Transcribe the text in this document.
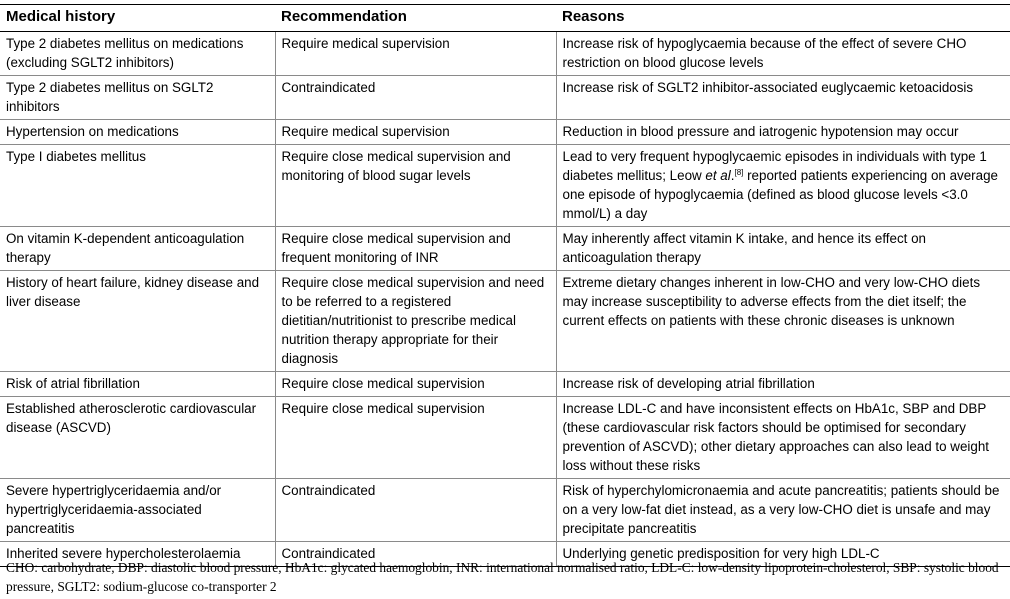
Medical history	Recommendation	Reasons
Type 2 diabetes mellitus on medications (excluding SGLT2 inhibitors)	Require medical supervision	Increase risk of hypoglycaemia because of the effect of severe CHO restriction on blood glucose levels
Type 2 diabetes mellitus on SGLT2 inhibitors	Contraindicated	Increase risk of SGLT2 inhibitor-associated euglycaemic ketoacidosis
Hypertension on medications	Require medical supervision	Reduction in blood pressure and iatrogenic hypotension may occur
Type I diabetes mellitus	Require close medical supervision and monitoring of blood sugar levels	Lead to very frequent hypoglycaemic episodes in individuals with type 1 diabetes mellitus; Leow et al.[8] reported patients experiencing on average one episode of hypoglycaemia (defined as blood glucose levels <3.0 mmol/L) a day
On vitamin K-dependent anticoagulation therapy	Require close medical supervision and frequent monitoring of INR	May inherently affect vitamin K intake, and hence its effect on anticoagulation therapy
History of heart failure, kidney disease and liver disease	Require close medical supervision and need to be referred to a registered dietitian/nutritionist to prescribe medical nutrition therapy appropriate for their diagnosis	Extreme dietary changes inherent in low-CHO and very low-CHO diets may increase susceptibility to adverse effects from the diet itself; the current effects on patients with these chronic diseases is unknown
Risk of atrial fibrillation	Require close medical supervision	Increase risk of developing atrial fibrillation
Established atherosclerotic cardiovascular disease (ASCVD)	Require close medical supervision	Increase LDL-C and have inconsistent effects on HbA1c, SBP and DBP (these cardiovascular risk factors should be optimised for secondary prevention of ASCVD); other dietary approaches can also lead to weight loss without these risks
Severe hypertriglyceridaemia and/or hypertriglyceridaemia-associated pancreatitis	Contraindicated	Risk of hyperchylomicronaemia and acute pancreatitis; patients should be on a very low-fat diet instead, as a very low-CHO diet is unsafe and may precipitate pancreatitis
Inherited severe hypercholesterolaemia	Contraindicated	Underlying genetic predisposition for very high LDL-C
CHO: carbohydrate, DBP: diastolic blood pressure, HbA1c: glycated haemoglobin, INR: international normalised ratio, LDL-C: low-density lipoprotein-cholesterol, SBP: systolic blood pressure, SGLT2: sodium-glucose co-transporter 2
